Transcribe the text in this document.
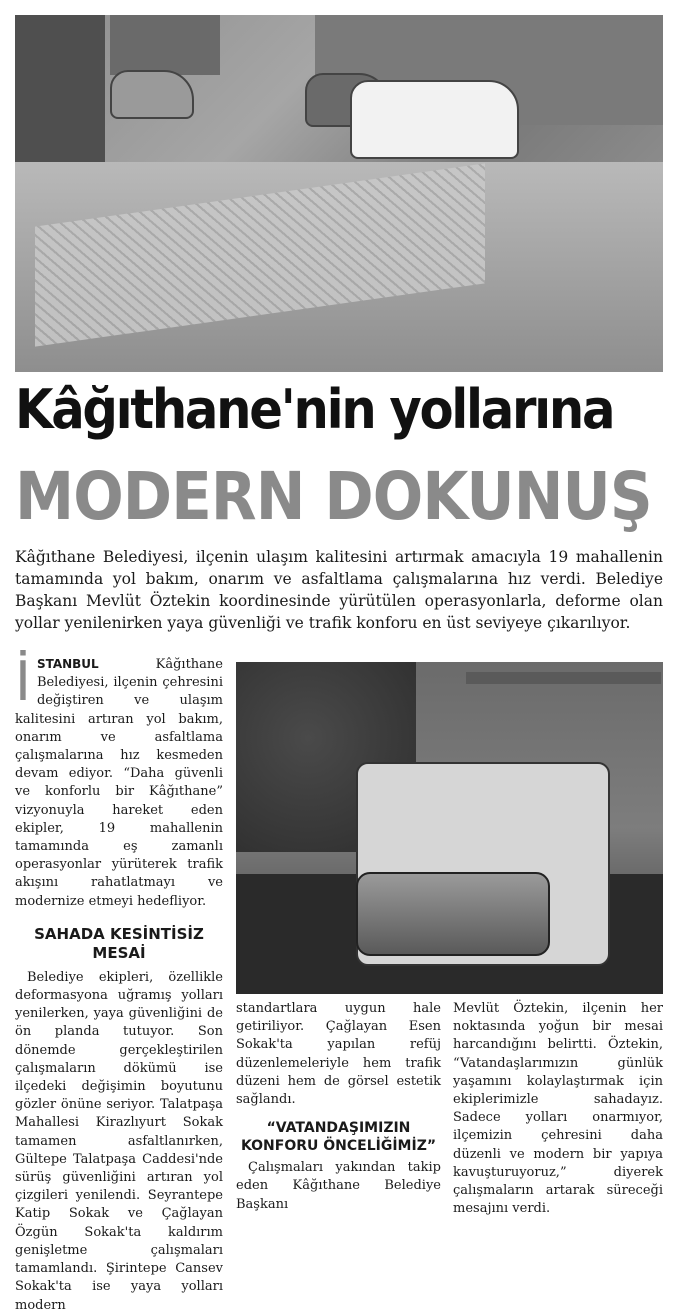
Kâğıthane'nin yollarına
MODERN DOKUNUŞ
Kâğıthane Belediyesi, ilçenin ulaşım kalitesini artırmak amacıyla 19 mahallenin tamamında yol bakım, onarım ve asfaltlama çalışmalarına hız verdi. Belediye Başkanı Mevlüt Öztekin koordinesinde yürütülen operasyonlarla, deforme olan yollar yenilenirken yaya güvenliği ve trafik konforu en üst seviyeye çıkarılıyor.
İ STANBUL	Kâğıthane Belediyesi, ilçenin çehresini değiştiren ve ulaşım kalitesini artıran yol bakım, onarım ve asfaltlama çalışmalarına hız kesmeden devam ediyor. “Daha güvenli ve konforlu bir Kâğıthane” vizyonuyla hareket eden ekipler, 19 mahallenin tamamında eş zamanlı operasyonlar yürüterek trafik akışını rahatlatmayı ve modernize etmeyi hedefliyor.

SAHADA KESİNTİSİZ MESAİ

Belediye ekipleri, özellikle deformasyona uğramış yolları yenilerken, yaya güvenliğini de ön planda tutuyor. Son dönemde gerçekleştirilen çalışmaların dökümü ise ilçedeki değişimin boyutunu gözler önüne seriyor. Talatpaşa Mahallesi Kirazlıyurt Sokak tamamen asfaltlanırken, Gültepe Talatpaşa Caddesi'nde sürüş güvenliğini artıran yol çizgileri yenilendi. Seyrantepe Katip Sokak ve Çağlayan Özgün Sokak'ta kaldırım genişletme çalışmaları tamamlandı. Şirintepe Cansev Sokak'ta ise yaya yolları modern

standartlara uygun hale getiriliyor. Çağlayan Esen Sokak'ta yapılan refüj düzenlemeleriyle hem trafik düzeni hem de görsel estetik sağlandı.

“VATANDAŞIMIZIN KONFORU ÖNCELİĞİMİZ”

Çalışmaları yakından takip eden Kâğıthane Belediye Başkanı

Mevlüt Öztekin, ilçenin her noktasında yoğun bir mesai harcandığını belirtti. Öztekin, “Vatandaşlarımızın günlük yaşamını kolaylaştırmak için ekiplerimizle sahadayız. Sadece yolları onarmıyor, ilçemizin çehresini daha düzenli ve modern bir yapıya kavuşturuyoruz,” diyerek çalışmaların artarak süreceği mesajını verdi.
